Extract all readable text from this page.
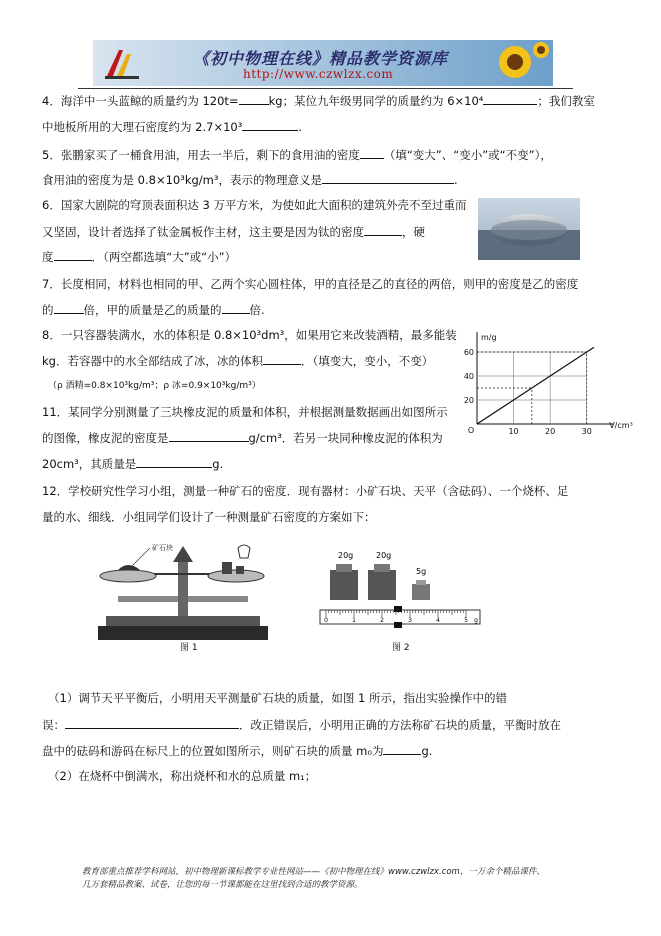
《初中物理在线》精品教学资源库
http://www.czwlzx.com
4．海洋中一头蓝鲸的质量约为 120t=	kg；某位九年级男同学的质量约为 6×10⁴	；我们教室
中地板所用的大理石密度约为 2.7×10³	.
5．张鹏家买了一桶食用油，用去一半后，剩下的食用油的密度 （填“变大”、“变小”或“不变”），
食用油的密度为是 0.8×10³kg/m³，表示的物理意义是	.
6．国家大剧院的穹顶表面积达 3 万平方米，为使如此大面积的建筑外壳不至过重而
又坚固，设计者选择了钛金属板作主材，这主要是因为钛的密度	，硬
度	．（两空都选填“大”或“小”）
7．长度相同，材料也相同的甲、乙两个实心圆柱体，甲的直径是乙的直径的两倍，则甲的密度是乙的密度
的	倍，甲的质量是乙的质量的 倍.
8．一只容器装满水，水的体积是 0.8×10³dm³，如果用它来改装酒精，最多能装
kg．若容器中的水全部结成了冰，冰的体积	．（填变大，变小，不变）
（ρ 酒精=0.8×10³kg/m³；ρ 冰=0.9×10³kg/m³）
11．某同学分别测量了三块橡皮泥的质量和体积，并根据测量数据画出如图所示
的图像，橡皮泥的密度是	g/cm³．若另一块同种橡皮泥的体积为
20cm³，其质量是	g.
20
40
60
10	20	30
O
m/g
V/cm³
12．学校研究性学习小组，测量一种矿石的密度．现有器材：小矿石块、天平（含砝码）、一个烧杯、足
量的水、细线．小组同学们设计了一种测量矿石密度的方案如下：
矿石块
图 1
20g	20g
5g
0	1	2	3	4	5 g
图 2
（1）调节天平平衡后，小明用天平测量矿石块的质量，如图 1 所示，指出实验操作中的错
误：	．改正错误后，小明用正确的方法称矿石块的质量，平衡时放在
盘中的砝码和游码在标尺上的位置如图所示，则矿石块的质量 m₀为	g.
（2）在烧杯中倒满水，称出烧杯和水的总质量 m₁；
教育部重点推荐学科网站，初中物理新课标教学专业性网站——《初中物理在线》www.czwlzx.com，一万余个精品课件、
几万套精品教案、试卷，让您的每一节课都能在这里找到合适的教学资源。
